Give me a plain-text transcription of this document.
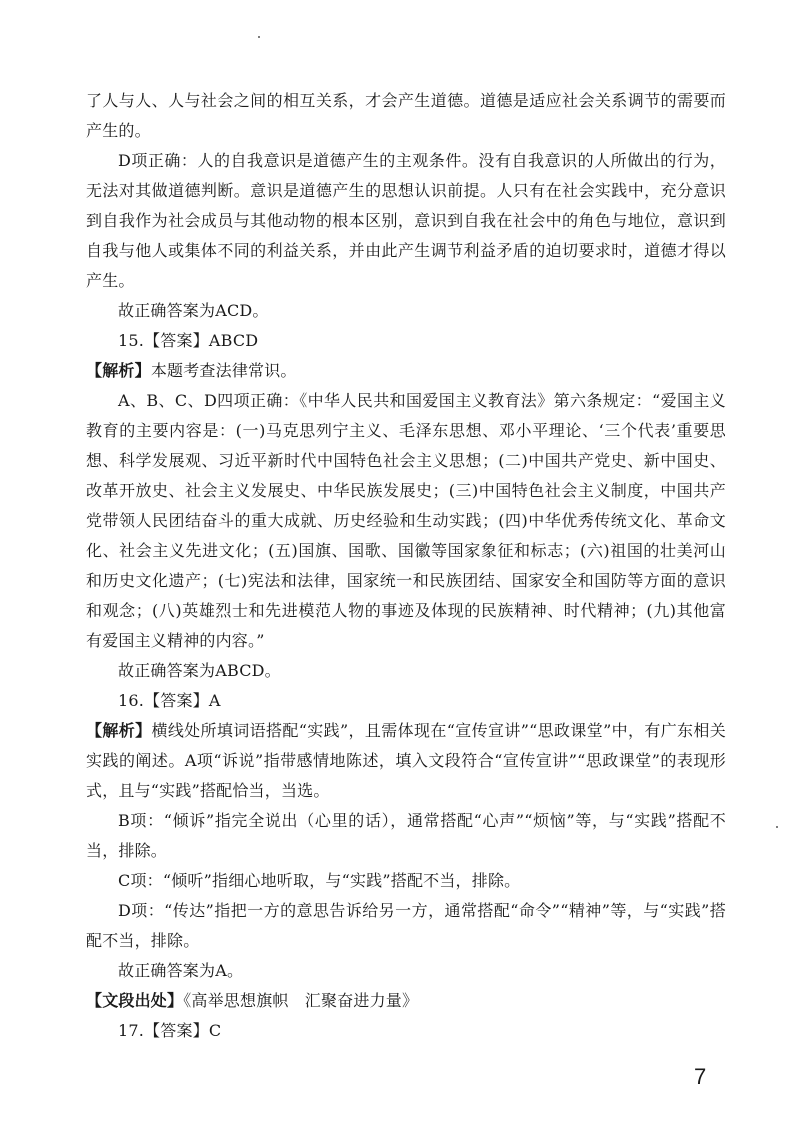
了人与人、人与社会之间的相互关系，才会产生道德。道德是适应社会关系调节的需要而产生的。

D项正确：人的自我意识是道德产生的主观条件。没有自我意识的人所做出的行为，无法对其做道德判断。意识是道德产生的思想认识前提。人只有在社会实践中，充分意识到自我作为社会成员与其他动物的根本区别，意识到自我在社会中的角色与地位，意识到自我与他人或集体不同的利益关系，并由此产生调节利益矛盾的迫切要求时，道德才得以产生。

故正确答案为ACD。

15.【答案】ABCD

【解析】本题考查法律常识。

A、B、C、D四项正确：《中华人民共和国爱国主义教育法》第六条规定：“爱国主义教育的主要内容是：(一)马克思列宁主义、毛泽东思想、邓小平理论、‘三个代表’重要思想、科学发展观、习近平新时代中国特色社会主义思想；(二)中国共产党史、新中国史、改革开放史、社会主义发展史、中华民族发展史；(三)中国特色社会主义制度，中国共产党带领人民团结奋斗的重大成就、历史经验和生动实践；(四)中华优秀传统文化、革命文化、社会主义先进文化；(五)国旗、国歌、国徽等国家象征和标志；(六)祖国的壮美河山和历史文化遗产；(七)宪法和法律，国家统一和民族团结、国家安全和国防等方面的意识和观念；(八)英雄烈士和先进模范人物的事迹及体现的民族精神、时代精神；(九)其他富有爱国主义精神的内容。”

故正确答案为ABCD。

16.【答案】A

【解析】横线处所填词语搭配“实践”，且需体现在“宣传宣讲”“思政课堂”中，有广东相关实践的阐述。A项“诉说”指带感情地陈述，填入文段符合“宣传宣讲”“思政课堂”的表现形式，且与“实践”搭配恰当，当选。

B项：“倾诉”指完全说出（心里的话），通常搭配“心声”“烦恼”等，与“实践”搭配不当，排除。

C项：“倾听”指细心地听取，与“实践”搭配不当，排除。

D项：“传达”指把一方的意思告诉给另一方，通常搭配“命令”“精神”等，与“实践”搭配不当，排除。

故正确答案为A。

【文段出处】《高举思想旗帜　汇聚奋进力量》

17.【答案】C

7
